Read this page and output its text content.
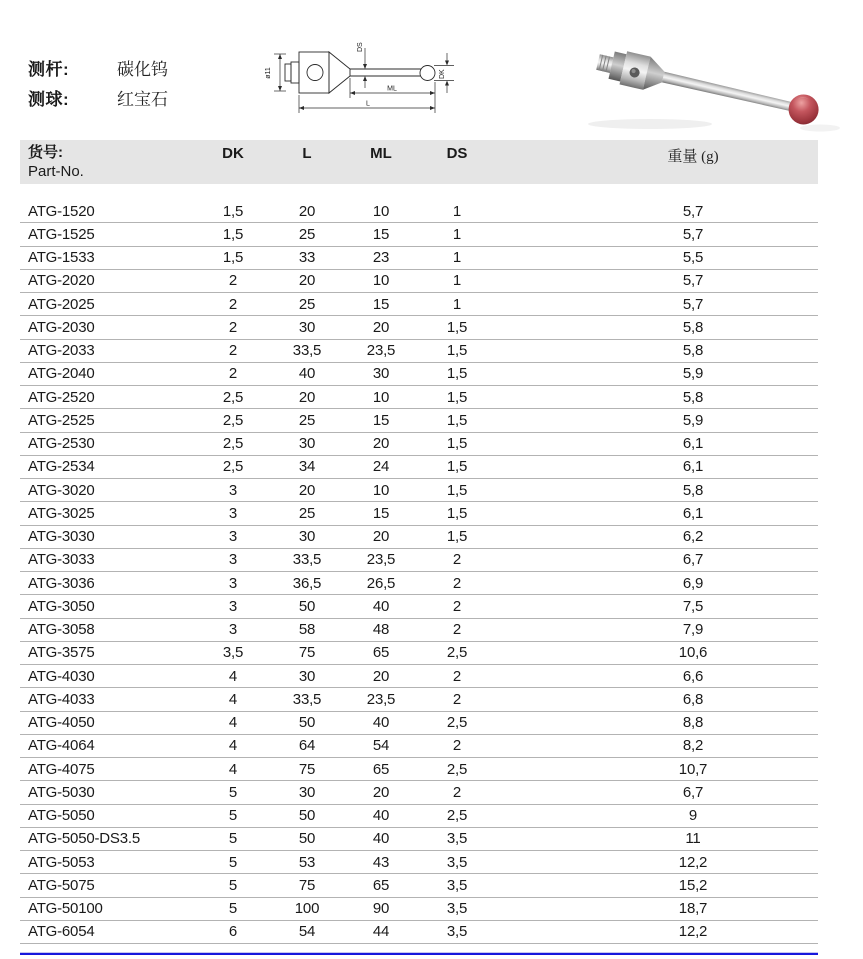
测杆:	碳化钨
测球:	红宝石
ø11
DS
DK
ML
L
货号:
Part-No.
DK	L	ML	DS	重量 (g)
ATG-1520	1,5	20	10	1	5,7
ATG-1525	1,5	25	15	1	5,7
ATG-1533	1,5	33	23	1	5,5
ATG-2020	2	20	10	1	5,7
ATG-2025	2	25	15	1	5,7
ATG-2030	2	30	20	1,5	5,8
ATG-2033	2	33,5	23,5	1,5	5,8
ATG-2040	2	40	30	1,5	5,9
ATG-2520	2,5	20	10	1,5	5,8
ATG-2525	2,5	25	15	1,5	5,9
ATG-2530	2,5	30	20	1,5	6,1
ATG-2534	2,5	34	24	1,5	6,1
ATG-3020	3	20	10	1,5	5,8
ATG-3025	3	25	15	1,5	6,1
ATG-3030	3	30	20	1,5	6,2
ATG-3033	3	33,5	23,5	2	6,7
ATG-3036	3	36,5	26,5	2	6,9
ATG-3050	3	50	40	2	7,5
ATG-3058	3	58	48	2	7,9
ATG-3575	3,5	75	65	2,5	10,6
ATG-4030	4	30	20	2	6,6
ATG-4033	4	33,5	23,5	2	6,8
ATG-4050	4	50	40	2,5	8,8
ATG-4064	4	64	54	2	8,2
ATG-4075	4	75	65	2,5	10,7
ATG-5030	5	30	20	2	6,7
ATG-5050	5	50	40	2,5	9
ATG-5050-DS3.5	5	50	40	3,5	11
ATG-5053	5	53	43	3,5	12,2
ATG-5075	5	75	65	3,5	15,2
ATG-50100	5	100	90	3,5	18,7
ATG-6054	6	54	44	3,5	12,2
